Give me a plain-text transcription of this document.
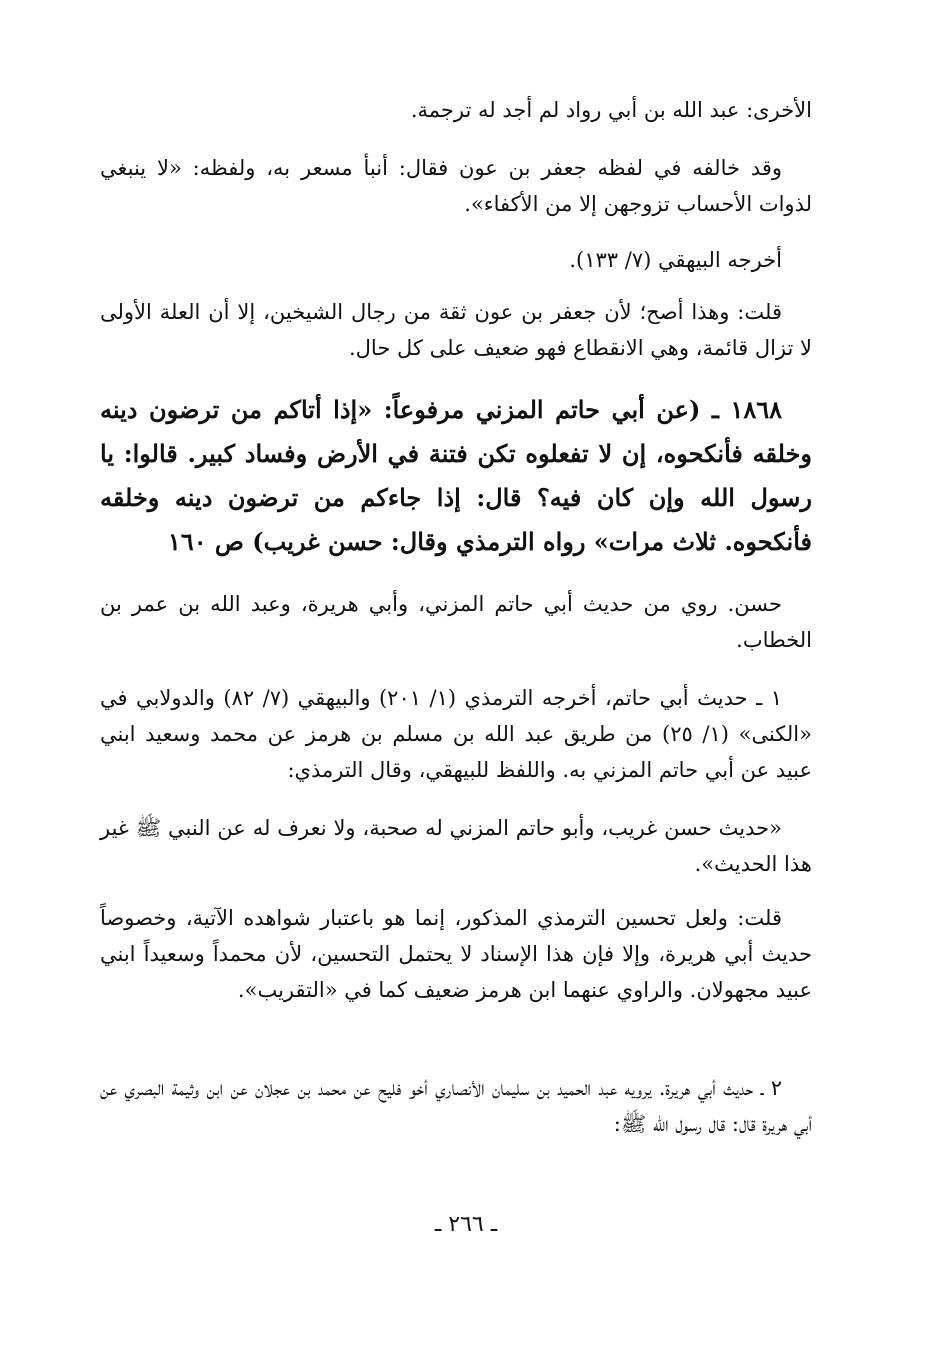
الأخرى: عبد الله بن أبي رواد لم أجد له ترجمة.

وقد خالفه في لفظه جعفر بن عون فقال: أنبأ مسعر به، ولفظه: «لا ينبغي لذوات الأحساب تزوجهن إلا من الأكفاء».

أخرجه البيهقي (٧/ ١٣٣).

قلت: وهذا أصح؛ لأن جعفر بن عون ثقة من رجال الشيخين، إلا أن العلة الأولى لا تزال قائمة، وهي الانقطاع فهو ضعيف على كل حال.

١٨٦٨ ـ (عن أبي حاتم المزني مرفوعاً: «إذا أتاكم من ترضون دينه وخلقه فأنكحوه، إن لا تفعلوه تكن فتنة في الأرض وفساد كبير. قالوا: يا رسول الله وإن كان فيه؟ قال: إذا جاءكم من ترضون دينه وخلقه فأنكحوه. ثلاث مرات» رواه الترمذي وقال: حسن غريب) ص ١٦٠

حسن. روي من حديث أبي حاتم المزني، وأبي هريرة، وعبد الله بن عمر بن الخطاب.

١ ـ حديث أبي حاتم، أخرجه الترمذي (١/ ٢٠١) والبيهقي (٧/ ٨٢) والدولابي في «الكنى» (١/ ٢٥) من طريق عبد الله بن مسلم بن هرمز عن محمد وسعيد ابني عبيد عن أبي حاتم المزني به. واللفظ للبيهقي، وقال الترمذي:

«حديث حسن غريب، وأبو حاتم المزني له صحبة، ولا نعرف له عن النبي ﷺ غير هذا الحديث».

قلت: ولعل تحسين الترمذي المذكور، إنما هو باعتبار شواهده الآتية، وخصوصاً حديث أبي هريرة، وإلا فإن هذا الإسناد لا يحتمل التحسين، لأن محمداً وسعيداً ابني عبيد مجهولان. والراوي عنهما ابن هرمز ضعيف كما في «التقريب».

٢ ـ حديث أبي هريرة. يرويه عبد الحميد بن سليمان الأنصاري أخو فليح عن محمد بن عجلان عن ابن وثيمة البصري عن أبي هريرة قال: قال رسول الله ﷺ:

ـ ٢٦٦ ـ
